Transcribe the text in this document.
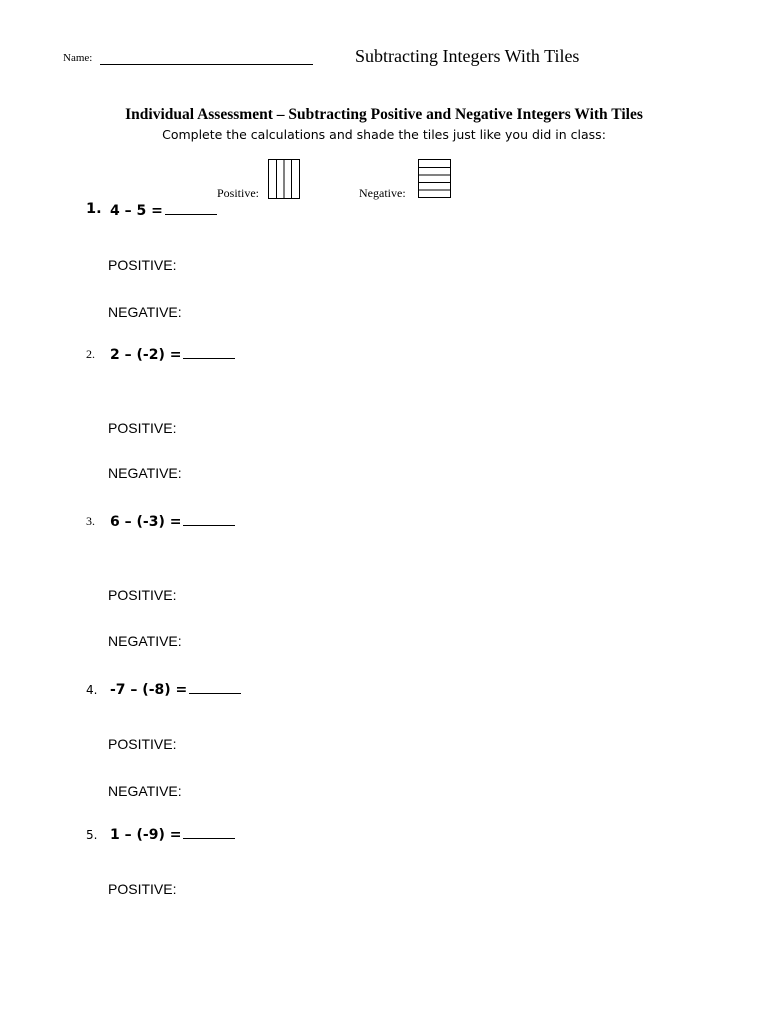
Name:	Subtracting Integers With Tiles
Individual Assessment – Subtracting Positive and Negative Integers With Tiles
Complete the calculations and shade the tiles just like you did in class:
Positive:	Negative:
1. 4 – 5 =
POSITIVE:
NEGATIVE:
2. 2 – (-2) =
POSITIVE:
NEGATIVE:
3. 6 – (-3) =
POSITIVE:
NEGATIVE:
4. -7 – (-8) =
POSITIVE:
NEGATIVE:
5. 1 – (-9) =
POSITIVE:
